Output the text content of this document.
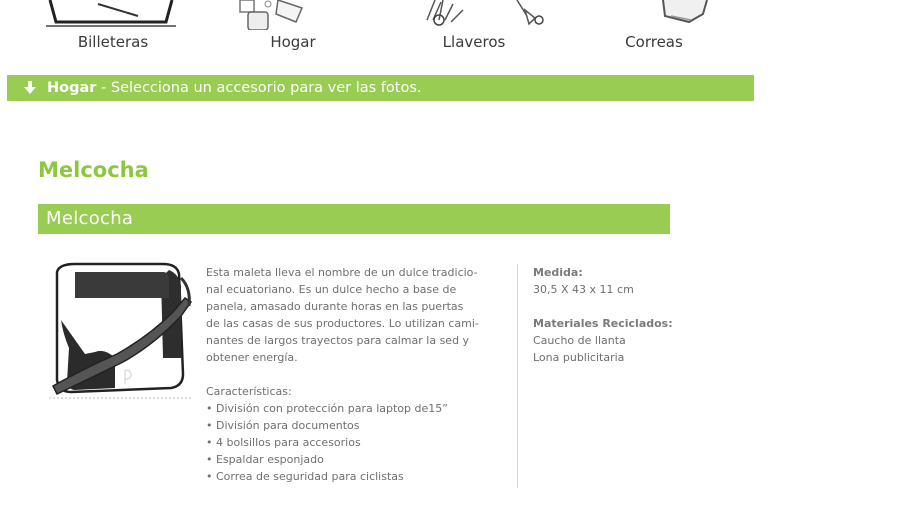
Billeteras	Hogar	Llaveros	Correas
Hogar - Selecciona un accesorio para ver las fotos.
Melcocha
Melcocha

Esta maleta lleva el nombre de un dulce tradicio-

nal ecuatoriano. Es un dulce hecho a base de

panela, amasado durante horas en las puertas

de las casas de sus productores. Lo utilizan cami-

nantes de largos trayectos para calmar la sed y

obtener energía.

Características:

• División con protección para laptop de15”

• División para documentos

• 4 bolsillos para accesorios

• Espaldar esponjado

• Correa de seguridad para ciclistas

Medida:
30,5 X 43 x 11 cm
Materiales Reciclados:
Caucho de llanta
Lona publicitaria
